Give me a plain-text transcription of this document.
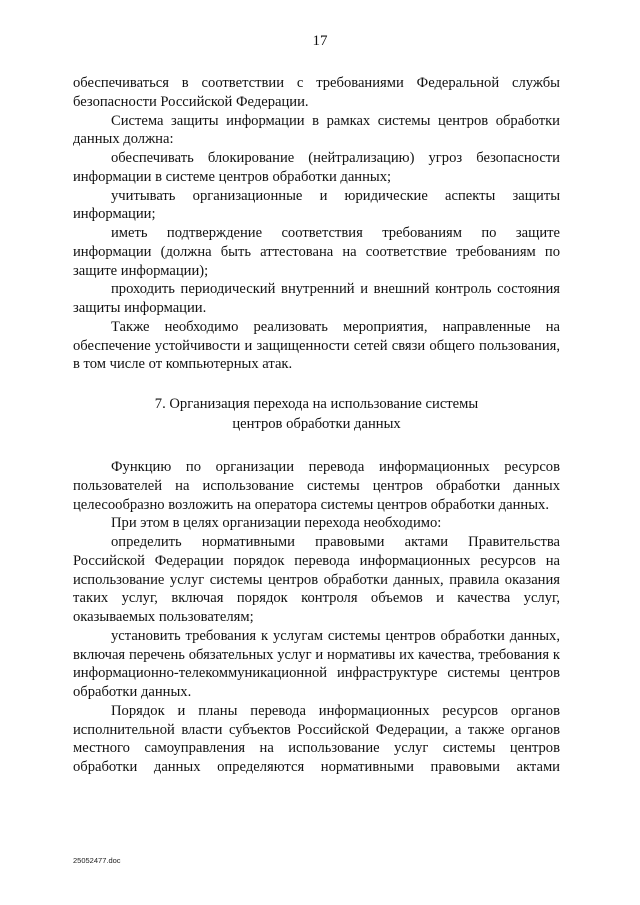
17

обеспечиваться в соответствии с требованиями Федеральной службы безопасности Российской Федерации.

Система защиты информации в рамках системы центров обработки данных должна:

обеспечивать блокирование (нейтрализацию) угроз безопасности информации в системе центров обработки данных;

учитывать организационные и юридические аспекты защиты информации;

иметь подтверждение соответствия требованиям по защите информации (должна быть аттестована на соответствие требованиям по защите информации);

проходить периодический внутренний и внешний контроль состояния защиты информации.

Также необходимо реализовать мероприятия, направленные на обеспечение устойчивости и защищенности сетей связи общего пользования, в том числе от компьютерных атак.

7. Организация перехода на использование системы
центров обработки данных

Функцию по организации перевода информационных ресурсов пользователей на использование системы центров обработки данных целесообразно возложить на оператора системы центров обработки данных.

При этом в целях организации перехода необходимо:

определить нормативными правовыми актами Правительства Российской Федерации порядок перевода информационных ресурсов на использование услуг системы центров обработки данных, правила оказания таких услуг, включая порядок контроля объемов и качества услуг, оказываемых пользователям;

установить требования к услугам системы центров обработки данных, включая перечень обязательных услуг и нормативы их качества, требования к информационно-телекоммуникационной инфраструктуре системы центров обработки данных.

Порядок и планы перевода информационных ресурсов органов исполнительной власти субъектов Российской Федерации, а также органов местного самоуправления на использование услуг системы центров обработки данных определяются нормативными правовыми актами

25052477.doc
